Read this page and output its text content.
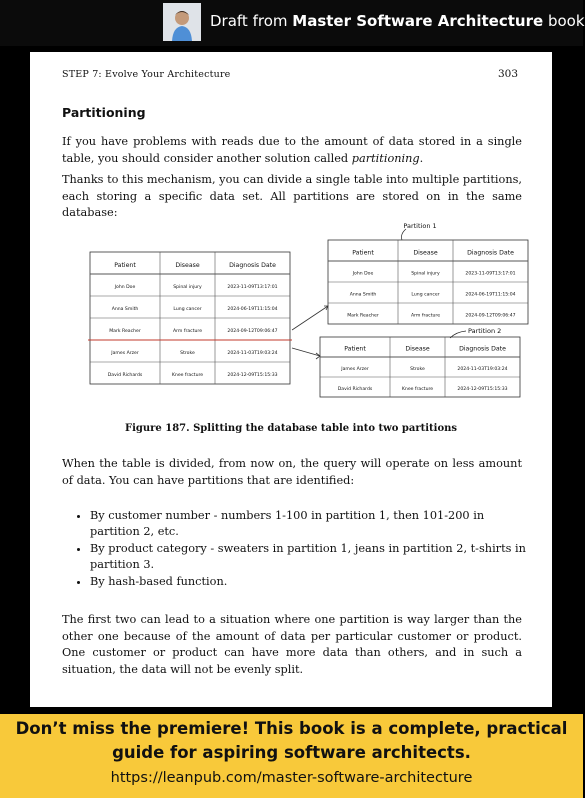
Draft from Master Software Architecture book
STEP 7: Evolve Your Architecture	303
Partitioning
If you have problems with reads due to the amount of data stored in a single table, you should consider another solution called partitioning.
Thanks to this mechanism, you can divide a single table into multiple partitions, each storing a specific data set. All partitions are stored on in the same database:
Patient	Disease	Diagnosis Date
John Doe	Spinal injury	2023-11-09T13:17:01
Anna Smith	Lung cancer	2024-06-19T11:15:04
Mark Reacher	Arm fracture	2024-09-12T09:06:47
James Arzer	Stroke	2024-11-03T19:03:24
David Richards	Knee fracture	2024-12-09T15:15:33
Patient	Disease	Diagnosis Date
John Doe	Spinal injury	2023-11-09T13:17:01
Anna Smith	Lung cancer	2024-06-19T11:15:04
Mark Reacher	Arm fracture	2024-09-12T09:06:47
Patient	Disease	Diagnosis Date
James Arzer	Stroke	2024-11-03T19:03:24
David Richards	Knee fracture	2024-12-09T15:15:33
Partition 1
Partition 2
Figure 187. Splitting the database table into two partitions
When the table is divided, from now on, the query will operate on less amount of data. You can have partitions that are identified:
• By customer number - numbers 1-100 in partition 1, then 101-200 in partition 2, etc.
• By product category - sweaters in partition 1, jeans in partition 2, t-shirts in partition 3.
• By hash-based function.
The first two can lead to a situation where one partition is way larger than the other one because of the amount of data per particular customer or product. One customer or product can have more data than others, and in such a situation, the data will not be evenly split.
Don’t miss the premiere! This book is a complete, practical
guide for aspiring software architects.
https://leanpub.com/master-software-architecture
